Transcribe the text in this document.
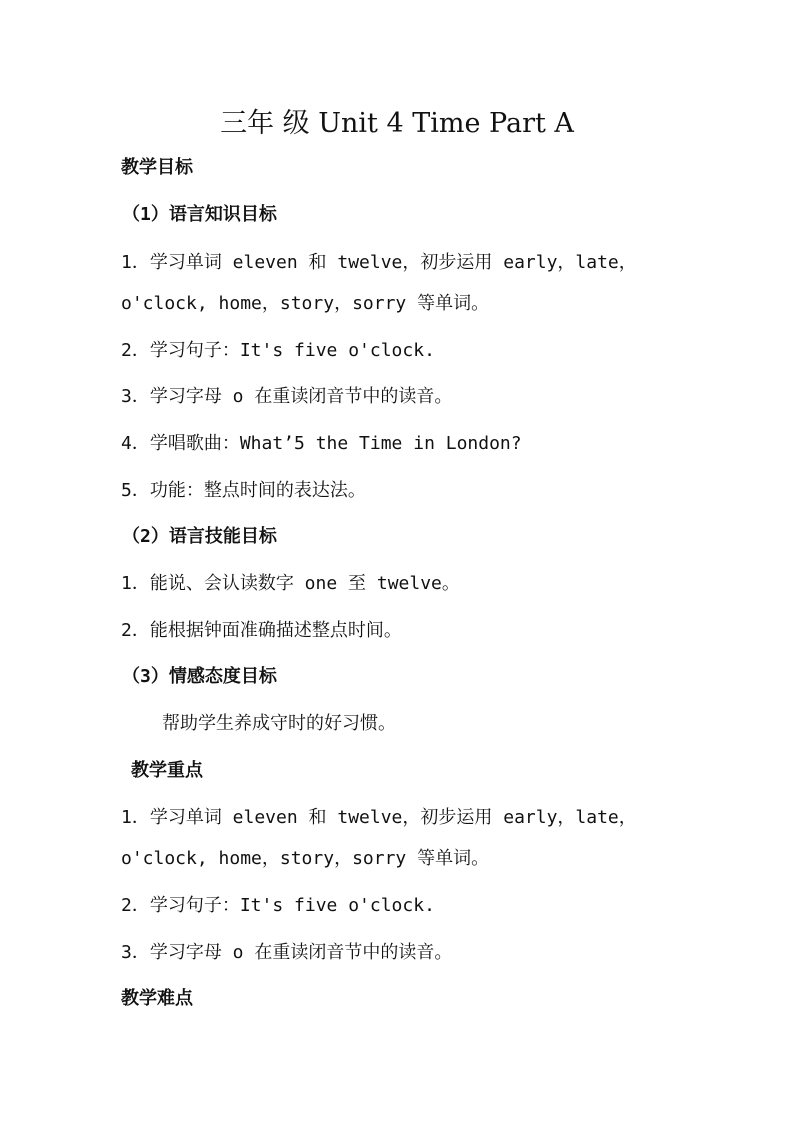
三年 级 Unit 4 Time Part A
教学目标
（1）语言知识目标
1．学习单词 eleven 和 twelve，初步运用 early，late，
o'clock, home，story，sorry 等单词。
2．学习句子：It's five o'clock.
3．学习字母 o 在重读闭音节中的读音。
4．学唱歌曲：What’5 the Time in London?
5．功能：整点时间的表达法。
（2）语言技能目标
1．能说、会认读数字 one 至 twelve。
2．能根据钟面准确描述整点时间。
（3）情感态度目标
帮助学生养成守时的好习惯。
教学重点
1．学习单词 eleven 和 twelve，初步运用 early，late，
o'clock, home，story，sorry 等单词。
2．学习句子：It's five o'clock.
3．学习字母 o 在重读闭音节中的读音。
教学难点
